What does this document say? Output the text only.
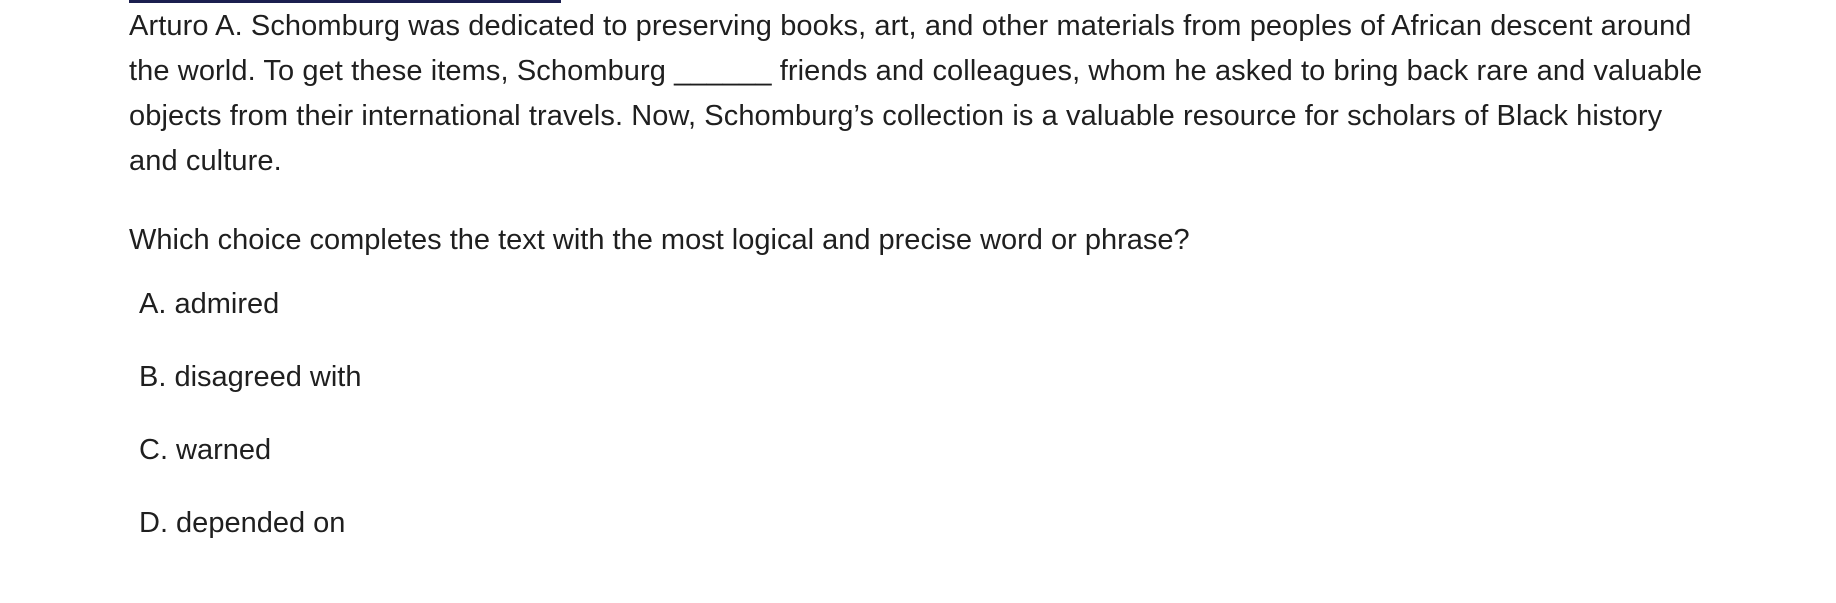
Arturo A. Schomburg was dedicated to preserving books, art, and other materials from peoples of African descent around the world. To get these items, Schomburg ______ friends and colleagues, whom he asked to bring back rare and valuable objects from their international travels. Now, Schomburg’s collection is a valuable resource for scholars of Black history and culture.

Which choice completes the text with the most logical and precise word or phrase?

A. admired
B. disagreed with
C. warned
D. depended on
